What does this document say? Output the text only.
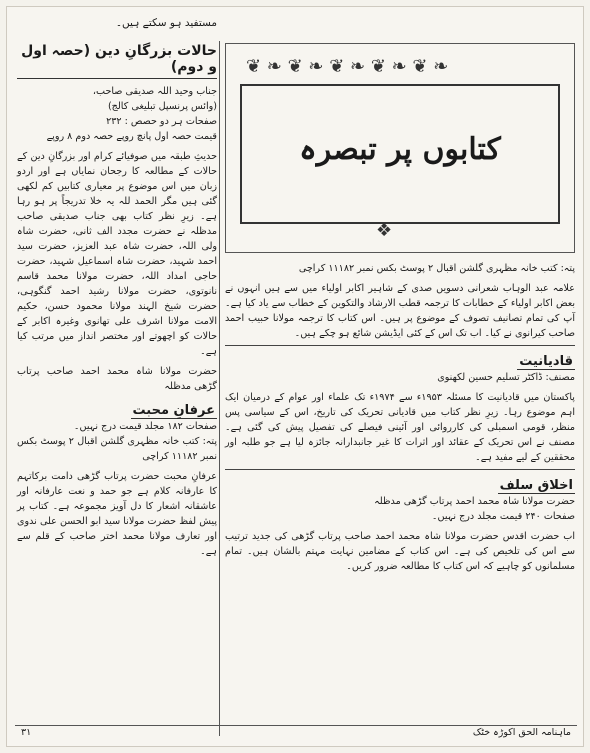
مستفید ہو سکتے ہیں۔
حالات بزرگانِ دین (حصہ اول و دوم)
جناب وحید اللہ صدیقی صاحب،
(وائس پرنسپل تبلیغی کالج)
صفحات ہر دو حصص : ۲۳۲
قیمت حصہ اول پانچ روپے حصہ دوم ۸ روپے
حدیثِ طبقہ میں صوفیائے کرام اور بزرگانِ دین کے حالات کے مطالعہ کا رجحان نمایاں ہے اور اردو زبان میں اس موضوع پر معیاری کتابیں کم لکھی گئی ہیں مگر الحمد للہ یہ خلا تدریجاً پر ہو رہا ہے۔ زیرِ نظر کتاب بھی جناب صدیقی صاحب مدظلہ نے حضرت مجدد الف ثانی، حضرت شاہ ولی اللہ، حضرت شاہ عبد العزیز، حضرت سید احمد شہید، حضرت شاہ اسماعیل شہید، حضرت حاجی امداد اللہ، حضرت مولانا محمد قاسم نانوتوی، حضرت مولانا رشید احمد گنگوہی، حضرت شیخ الہند مولانا محمود حسن، حکیم الامت مولانا اشرف علی تھانوی وغیرہ اکابر کے حالات کو اچھوتے اور مختصر انداز میں مرتب کیا ہے۔
حضرت مولانا شاہ محمد احمد صاحب پرتاب گڑھی مدظلہ
عرفانِ محبت
صفحات ۱۸۲ مجلد قیمت درج نہیں۔
پتہ: کتب خانہ مظہری گلشن اقبال ۲ پوسٹ بکس نمبر ۱۱۱۸۲ کراچی
عرفانِ محبت حضرت پرتاب گڑھی دامت برکاتہم کا عارفانہ کلام ہے جو حمد و نعت عارفانہ اور عاشقانہ اشعار کا دل آویز مجموعہ ہے۔ کتاب پر پیش لفظ حضرت مولانا سید ابو الحسن علی ندوی اور تعارف مولانا محمد اختر صاحب کے قلم سے ہے۔
❦ ❧ ❦ ❧ ❦ ❧ ❦ ❧ ❦ ❧
کتابوں پر تبصرہ
❖
پتہ: کتب خانہ مظہری گلشن اقبال ۲ پوسٹ بکس نمبر ۱۱۱۸۲ کراچی
علامہ عبد الوہاب شعرانی دسویں صدی کے شاہیر اکابر اولیاء میں سے ہیں انہوں نے بعض اکابر اولیاء کے خطابات کا ترجمہ قطب الارشاد والتکوین کے خطاب سے یاد کیا ہے۔ آپ کی تمام تصانیف تصوف کے موضوع پر ہیں۔ اس کتاب کا ترجمہ مولانا حبیب احمد صاحب کیرانوی نے کیا۔ اب تک اس کے کئی ایڈیشن شائع ہو چکے ہیں۔
قادیانیت
مصنف: ڈاکٹر تسلیم حسین لکھنوی
پاکستان میں قادیانیت کا مسئلہ ۱۹۵۳ء سے ۱۹۷۴ء تک علماء اور عوام کے درمیان ایک اہم موضوع رہا۔ زیرِ نظر کتاب میں قادیانی تحریک کی تاریخ، اس کے سیاسی پس منظر، قومی اسمبلی کی کارروائی اور آئینی فیصلے کی تفصیل پیش کی گئی ہے۔ مصنف نے اس تحریک کے عقائد اور اثرات کا غیر جانبدارانہ جائزہ لیا ہے جو طلبہ اور محققین کے لیے مفید ہے۔
اخلاق سلف
حضرت مولانا شاہ محمد احمد پرتاب گڑھی مدظلہ
صفحات ۲۴۰ قیمت مجلد درج نہیں۔
اب حضرت اقدس حضرت مولانا شاہ محمد احمد صاحب پرتاب گڑھی کی جدید ترتیب سے اس کی تلخیص کی ہے۔ اس کتاب کے مضامین نہایت مہتم بالشان ہیں۔ تمام مسلمانوں کو چاہیے کہ اس کتاب کا مطالعہ ضرور کریں۔
۳۱	ماہنامہ الحق اکوڑہ خٹک
